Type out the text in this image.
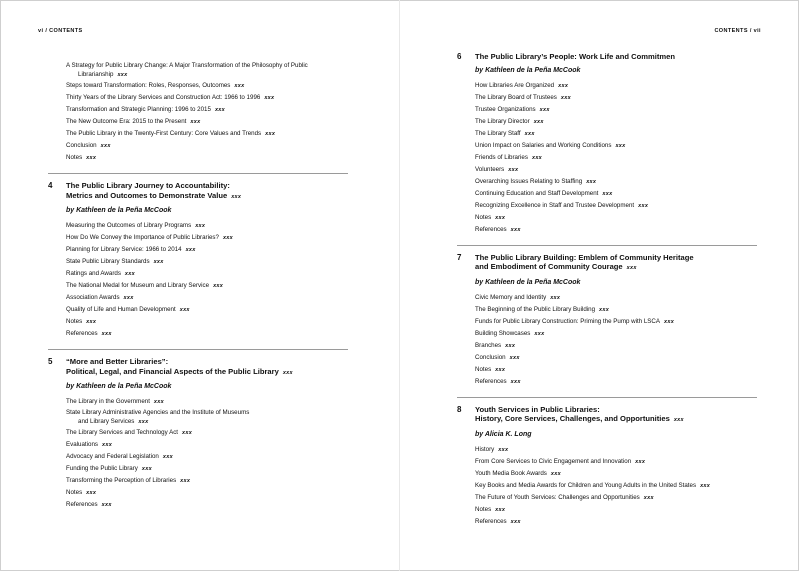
vi / CONTENTS	CONTENTS / vii
A Strategy for Public Library Change: A Major Transformation of the Philosophy of Public
Librarianship xxx
Steps toward Transformation: Roles, Responses, Outcomes xxx
Thirty Years of the Library Services and Construction Act: 1966 to 1996 xxx
Transformation and Strategic Planning: 1996 to 2015 xxx
The New Outcome Era: 2015 to the Present xxx
The Public Library in the Twenty-First Century: Core Values and Trends xxx
Conclusion xxx
Notes xxx
4	The Public Library Journey to Accountability:
Metrics and Outcomes to Demonstrate Value xxx
by Kathleen de la Peña McCook
Measuring the Outcomes of Library Programs xxx
How Do We Convey the Importance of Public Libraries? xxx
Planning for Library Service: 1966 to 2014 xxx
State Public Library Standards xxx
Ratings and Awards xxx
The National Medal for Museum and Library Service xxx
Association Awards xxx
Quality of Life and Human Development xxx
Notes xxx
References xxx
5	“More and Better Libraries”:
Political, Legal, and Financial Aspects of the Public Library xxx
by Kathleen de la Peña McCook
The Library in the Government xxx
State Library Administrative Agencies and the Institute of Museums
and Library Services xxx
The Library Services and Technology Act xxx
Evaluations xxx
Advocacy and Federal Legislation xxx
Funding the Public Library xxx
Transforming the Perception of Libraries xxx
Notes xxx
References xxx
6	The Public Library’s People: Work Life and Commitmen
by Kathleen de la Peña McCook
How Libraries Are Organized xxx
The Library Board of Trustees xxx
Trustee Organizations xxx
The Library Director xxx
The Library Staff xxx
Union Impact on Salaries and Working Conditions xxx
Friends of Libraries xxx
Volunteers xxx
Overarching Issues Relating to Staffing xxx
Continuing Education and Staff Development xxx
Recognizing Excellence in Staff and Trustee Development xxx
Notes xxx
References xxx
7	The Public Library Building: Emblem of Community Heritage
and Embodiment of Community Courage xxx
by Kathleen de la Peña McCook
Civic Memory and Identity xxx
The Beginning of the Public Library Building xxx
Funds for Public Library Construction: Priming the Pump with LSCA xxx
Building Showcases xxx
Branches xxx
Conclusion xxx
Notes xxx
References xxx
8	Youth Services in Public Libraries:
History, Core Services, Challenges, and Opportunities xxx
by Alicia K. Long
History xxx
From Core Services to Civic Engagement and Innovation xxx
Youth Media Book Awards xxx
Key Books and Media Awards for Children and Young Adults in the United States xxx
The Future of Youth Services: Challenges and Opportunities xxx
Notes xxx
References xxx
